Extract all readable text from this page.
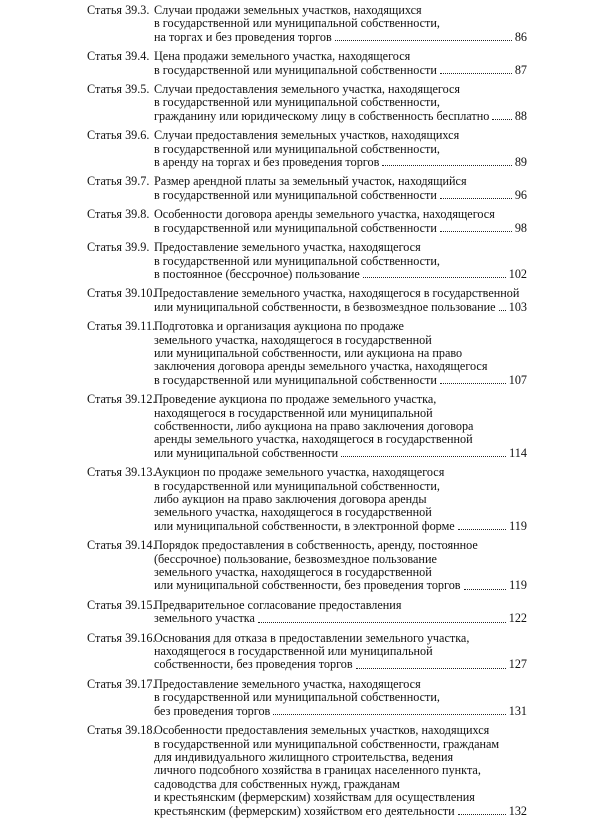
Статья 39.3. Случаи продажи земельных участков, находящихся
в государственной или муниципальной собственности,
на торгах и без проведения торгов	86
Статья 39.4. Цена продажи земельного участка, находящегося
в государственной или муниципальной собственности	87
Статья 39.5. Случаи предоставления земельного участка, находящегося
в государственной или муниципальной собственности,
гражданину или юридическому лицу в собственность бесплатно 88
Статья 39.6. Случаи предоставления земельных участков, находящихся
в государственной или муниципальной собственности,
в аренду на торгах и без проведения торгов	89
Статья 39.7. Размер арендной платы за земельный участок, находящийся
в государственной или муниципальной собственности	96
Статья 39.8. Особенности договора аренды земельного участка, находящегося
в государственной или муниципальной собственности	98
Статья 39.9. Предоставление земельного участка, находящегося
в государственной или муниципальной собственности,
в постоянное (бессрочное) пользование	102
Статья 39.10.
Предоставление земельного участка, находящегося в государственной
или муниципальной собственности, в безвозмездное пользование 103
Статья 39.11.
Подготовка и организация аукциона по продаже
земельного участка, находящегося в государственной
или муниципальной собственности, или аукциона на право
заключения договора аренды земельного участка, находящегося
в государственной или муниципальной собственности	107
Статья 39.12.
Проведение аукциона по продаже земельного участка,
находящегося в государственной или муниципальной
собственности, либо аукциона на право заключения договора
аренды земельного участка, находящегося в государственной
или муниципальной собственности	114
Статья 39.13.
Аукцион по продаже земельного участка, находящегося
в государственной или муниципальной собственности,
либо аукцион на право заключения договора аренды
земельного участка, находящегося в государственной
или муниципальной собственности, в электронной форме	119
Статья 39.14.
Порядок предоставления в собственность, аренду, постоянное
(бессрочное) пользование, безвозмездное пользование
земельного участка, находящегося в государственной
или муниципальной собственности, без проведения торгов	119
Статья 39.15.
Предварительное согласование предоставления
земельного участка	122
Статья 39.16.
Основания для отказа в предоставлении земельного участка,
находящегося в государственной или муниципальной
собственности, без проведения торгов	127
Статья 39.17.
Предоставление земельного участка, находящегося
в государственной или муниципальной собственности,
без проведения торгов	131
Статья 39.18.
Особенности предоставления земельных участков, находящихся
в государственной или муниципальной собственности, гражданам
для индивидуального жилищного строительства, ведения
личного подсобного хозяйства в границах населенного пункта,
садоводства для собственных нужд, гражданам
и крестьянским (фермерским) хозяйствам для осуществления
крестьянским (фермерским) хозяйством его деятельности	132
